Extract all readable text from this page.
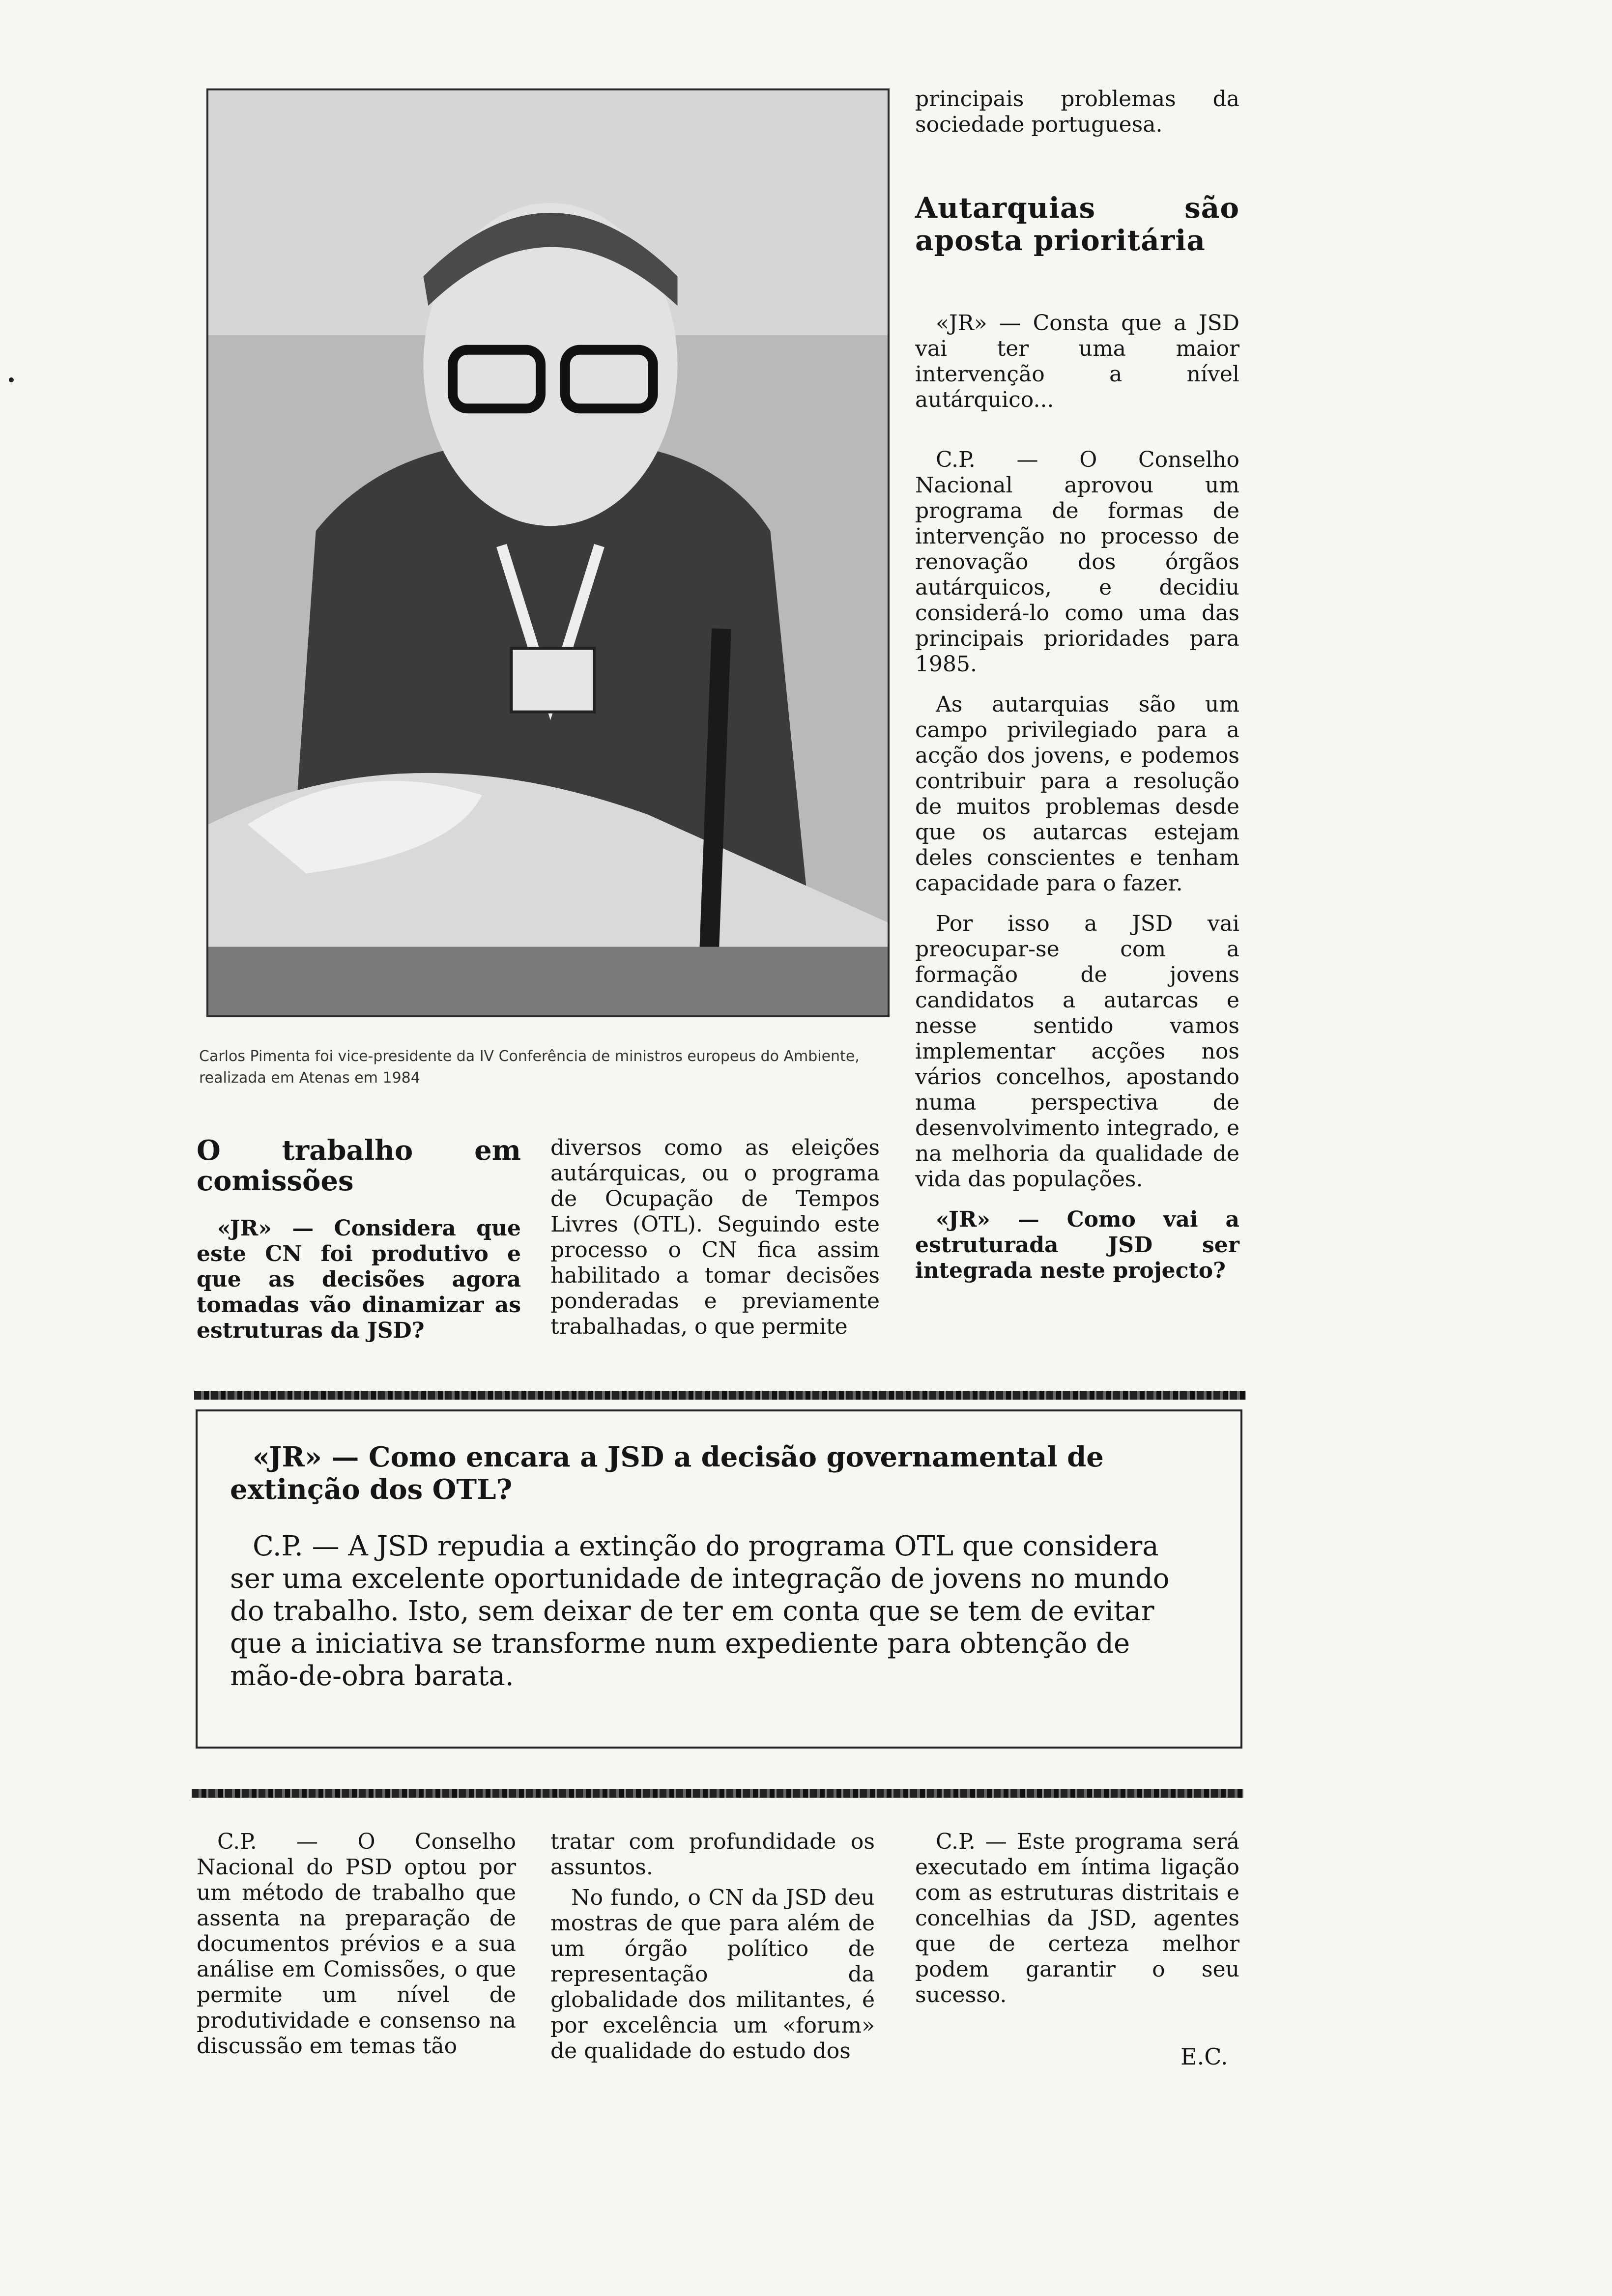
Carlos Pimenta foi vice-presidente da IV Conferência de ministros europeus do Ambiente, realizada em Atenas em 1984

principais problemas da sociedade portuguesa.

Autarquias são aposta prioritária

«JR» — Consta que a JSD vai ter uma maior intervenção a nível autárquico...

C.P. — O Conselho Nacional aprovou um programa de formas de intervenção no processo de renovação dos órgãos autárquicos, e decidiu considerá-lo como uma das principais prioridades para 1985.

As autarquias são um campo privilegiado para a acção dos jovens, e podemos contribuir para a resolução de muitos problemas desde que os autarcas estejam deles conscientes e tenham capacidade para o fazer.

Por isso a JSD vai preocupar-se com a formação de jovens candidatos a autarcas e nesse sentido vamos implementar acções nos vários concelhos, apostando numa perspectiva de desenvolvimento integrado, e na melhoria da qualidade de vida das populações.

«JR» — Como vai a estruturada JSD ser integrada neste projecto?

O trabalho em comissões

«JR» — Considera que este CN foi produtivo e que as decisões agora tomadas vão dinamizar as estruturas da JSD?

diversos como as eleições autárquicas, ou o programa de Ocupação de Tempos Livres (OTL). Seguindo este processo o CN fica assim habilitado a tomar decisões ponderadas e previamente trabalhadas, o que permite

«JR» — Como encara a JSD a decisão governamental de extinção dos OTL?

C.P. — A JSD repudia a extinção do programa OTL que considera ser uma excelente oportunidade de integração de jovens no mundo do trabalho. Isto, sem deixar de ter em conta que se tem de evitar que a iniciativa se transforme num expediente para obtenção de mão-de-obra barata.

C.P. — O Conselho Nacional do PSD optou por um método de trabalho que assenta na preparação de documentos prévios e a sua análise em Comissões, o que permite um nível de produtividade e consenso na discussão em temas tão

tratar com profundidade os assuntos.

No fundo, o CN da JSD deu mostras de que para além de um órgão político de representação da globalidade dos militantes, é por excelência um «forum» de qualidade do estudo dos

C.P. — Este programa será executado em íntima ligação com as estruturas distritais e concelhias da JSD, agentes que de certeza melhor podem garantir o seu sucesso.

E.C.
